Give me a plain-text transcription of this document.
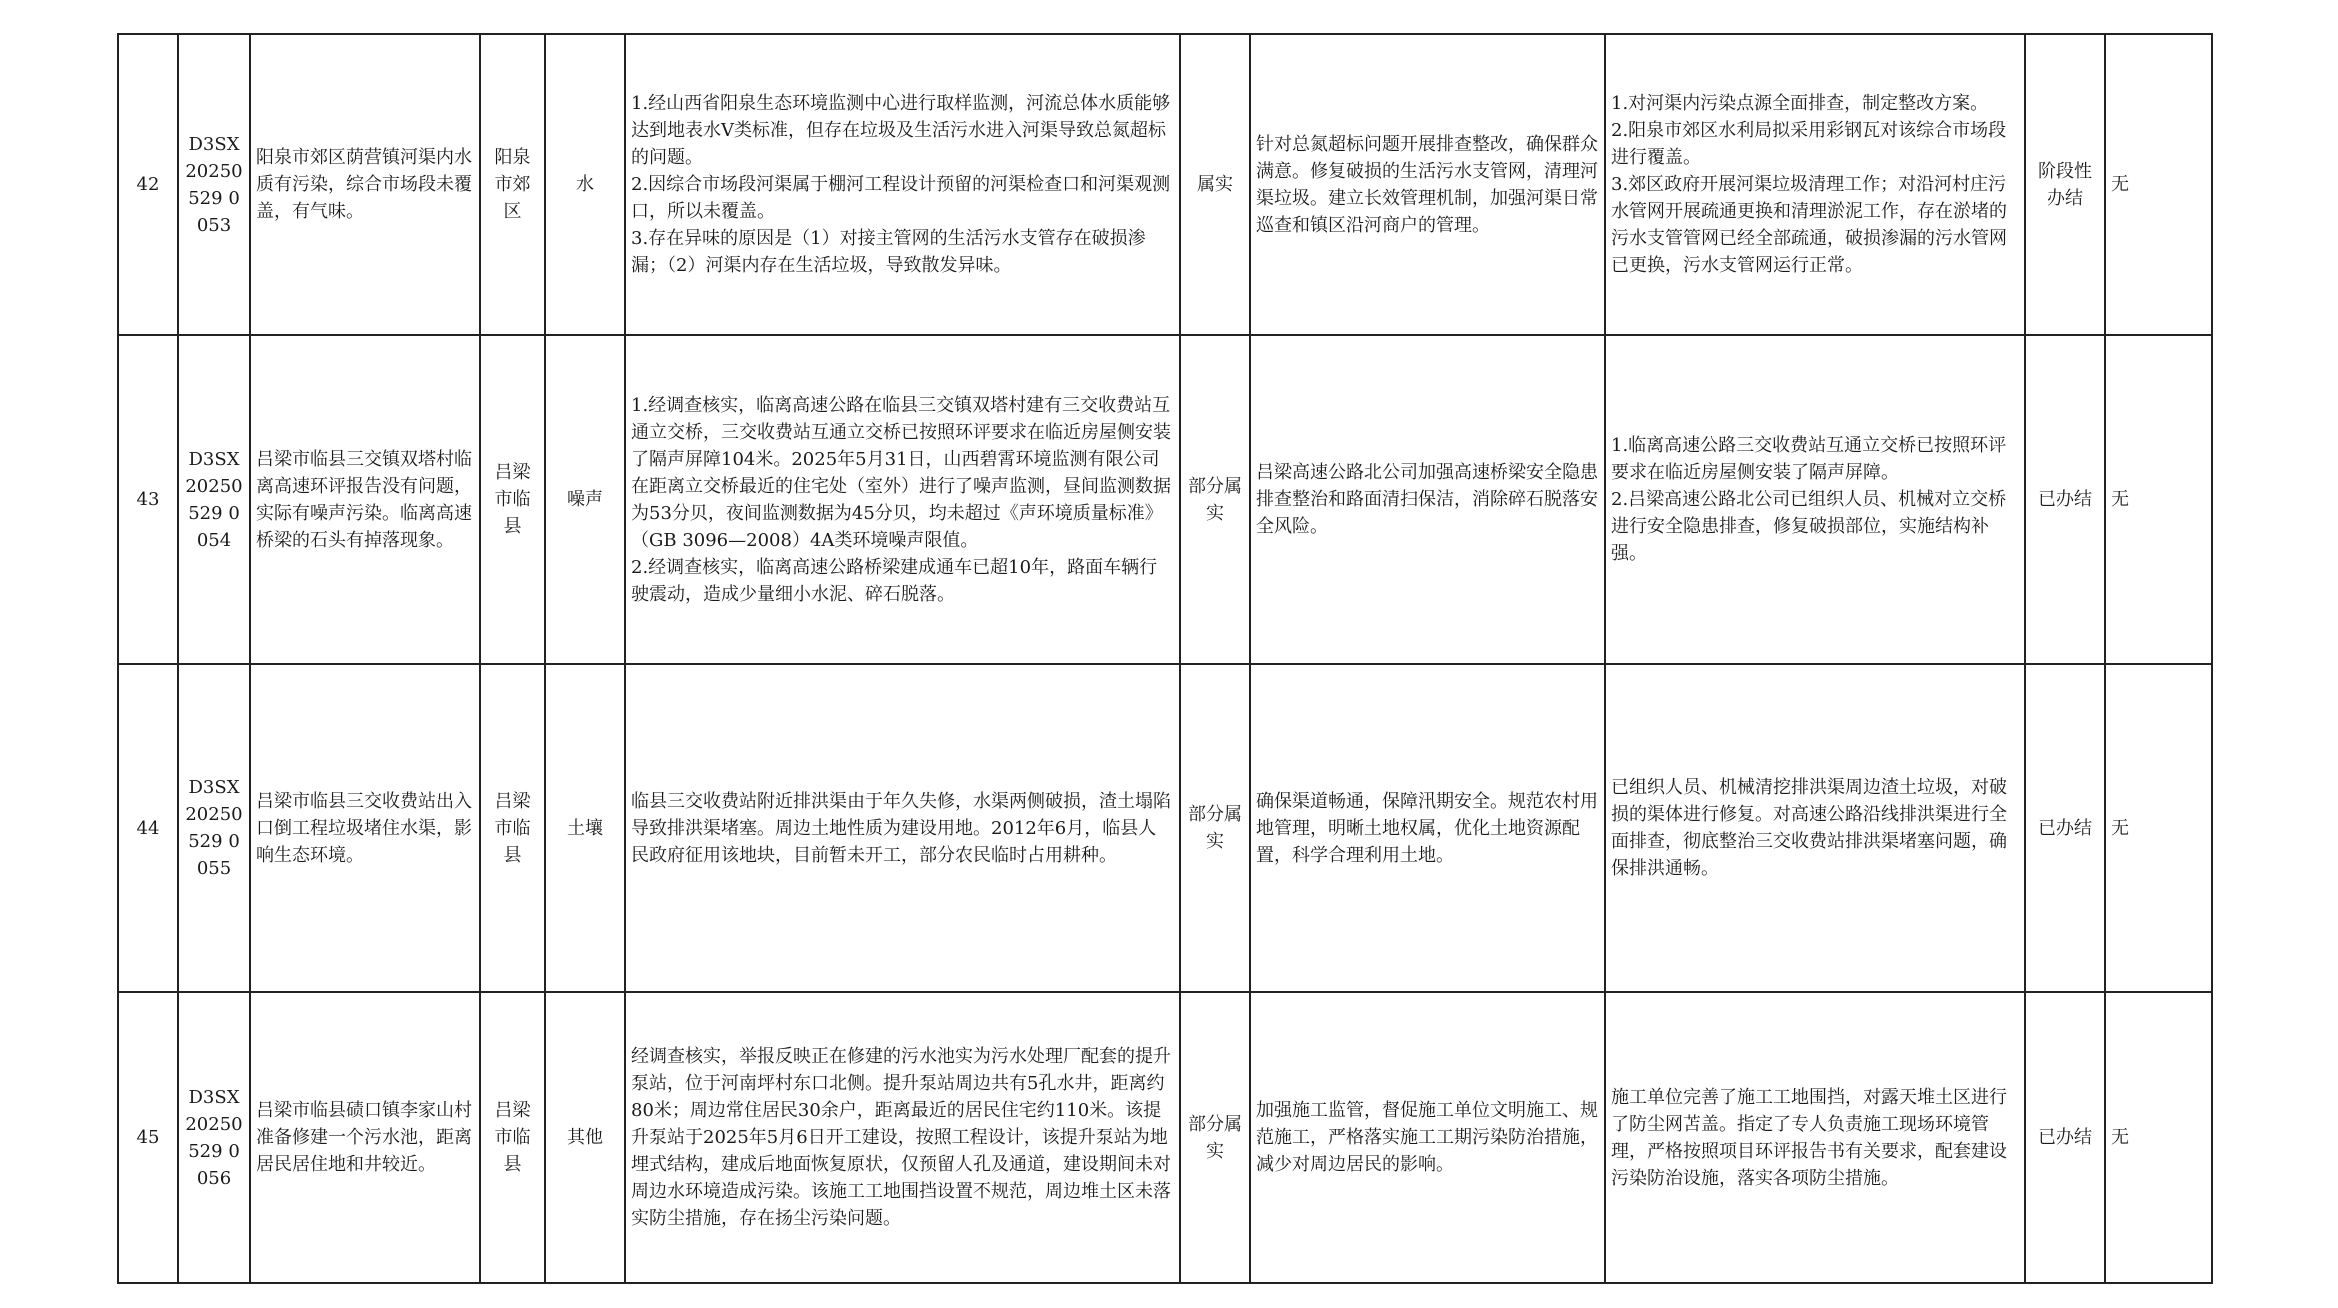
42	D3SX20250529 0053	阳泉市郊区荫营镇河渠内水质有污染，综合市场段未覆盖，有气味。	阳泉市郊区	水	1.经山西省阳泉生态环境监测中心进行取样监测，河流总体水质能够达到地表水Ⅴ类标准，但存在垃圾及生活污水进入河渠导致总氮超标的问题。
2.因综合市场段河渠属于棚河工程设计预留的河渠检查口和河渠观测口，所以未覆盖。
3.存在异味的原因是（1）对接主管网的生活污水支管存在破损渗漏；（2）河渠内存在生活垃圾，导致散发异味。	属实	针对总氮超标问题开展排查整改，确保群众满意。修复破损的生活污水支管网，清理河渠垃圾。建立长效管理机制，加强河渠日常巡查和镇区沿河商户的管理。	1.对河渠内污染点源全面排查，制定整改方案。
2.阳泉市郊区水利局拟采用彩钢瓦对该综合市场段进行覆盖。
3.郊区政府开展河渠垃圾清理工作；对沿河村庄污水管网开展疏通更换和清理淤泥工作，存在淤堵的污水支管管网已经全部疏通，破损渗漏的污水管网已更换，污水支管网运行正常。	阶段性办结	无
43	D3SX20250529 0054	吕梁市临县三交镇双塔村临离高速环评报告没有问题，实际有噪声污染。临离高速桥梁的石头有掉落现象。	吕梁市临县	噪声	1.经调查核实，临离高速公路在临县三交镇双塔村建有三交收费站互通立交桥，三交收费站互通立交桥已按照环评要求在临近房屋侧安装了隔声屏障104米。2025年5月31日，山西碧霄环境监测有限公司在距离立交桥最近的住宅处（室外）进行了噪声监测，昼间监测数据为53分贝，夜间监测数据为45分贝，均未超过《声环境质量标准》（GB 3096—2008）4A类环境噪声限值。
2.经调查核实，临离高速公路桥梁建成通车已超10年，路面车辆行驶震动，造成少量细小水泥、碎石脱落。	部分属实	吕梁高速公路北公司加强高速桥梁安全隐患排查整治和路面清扫保洁，消除碎石脱落安全风险。	1.临离高速公路三交收费站互通立交桥已按照环评要求在临近房屋侧安装了隔声屏障。
2.吕梁高速公路北公司已组织人员、机械对立交桥进行安全隐患排查，修复破损部位，实施结构补强。	已办结	无
44	D3SX20250529 0055	吕梁市临县三交收费站出入口倒工程垃圾堵住水渠，影响生态环境。	吕梁市临县	土壤	临县三交收费站附近排洪渠由于年久失修，水渠两侧破损，渣土塌陷导致排洪渠堵塞。周边土地性质为建设用地。2012年6月，临县人民政府征用该地块，目前暂未开工，部分农民临时占用耕种。	部分属实	确保渠道畅通，保障汛期安全。规范农村用地管理，明晰土地权属，优化土地资源配置，科学合理利用土地。	已组织人员、机械清挖排洪渠周边渣土垃圾，对破损的渠体进行修复。对高速公路沿线排洪渠进行全面排查，彻底整治三交收费站排洪渠堵塞问题，确保排洪通畅。	已办结	无
45	D3SX20250529 0056	吕梁市临县碛口镇李家山村准备修建一个污水池，距离居民居住地和井较近。	吕梁市临县	其他	经调查核实，举报反映正在修建的污水池实为污水处理厂配套的提升泵站，位于河南坪村东口北侧。提升泵站周边共有5孔水井，距离约80米；周边常住居民30余户，距离最近的居民住宅约110米。该提升泵站于2025年5月6日开工建设，按照工程设计，该提升泵站为地埋式结构，建成后地面恢复原状，仅预留人孔及通道，建设期间未对周边水环境造成污染。该施工工地围挡设置不规范，周边堆土区未落实防尘措施，存在扬尘污染问题。	部分属实	加强施工监管，督促施工单位文明施工、规范施工，严格落实施工工期污染防治措施，减少对周边居民的影响。	施工单位完善了施工工地围挡，对露天堆土区进行了防尘网苫盖。指定了专人负责施工现场环境管理，严格按照项目环评报告书有关要求，配套建设污染防治设施，落实各项防尘措施。	已办结	无
